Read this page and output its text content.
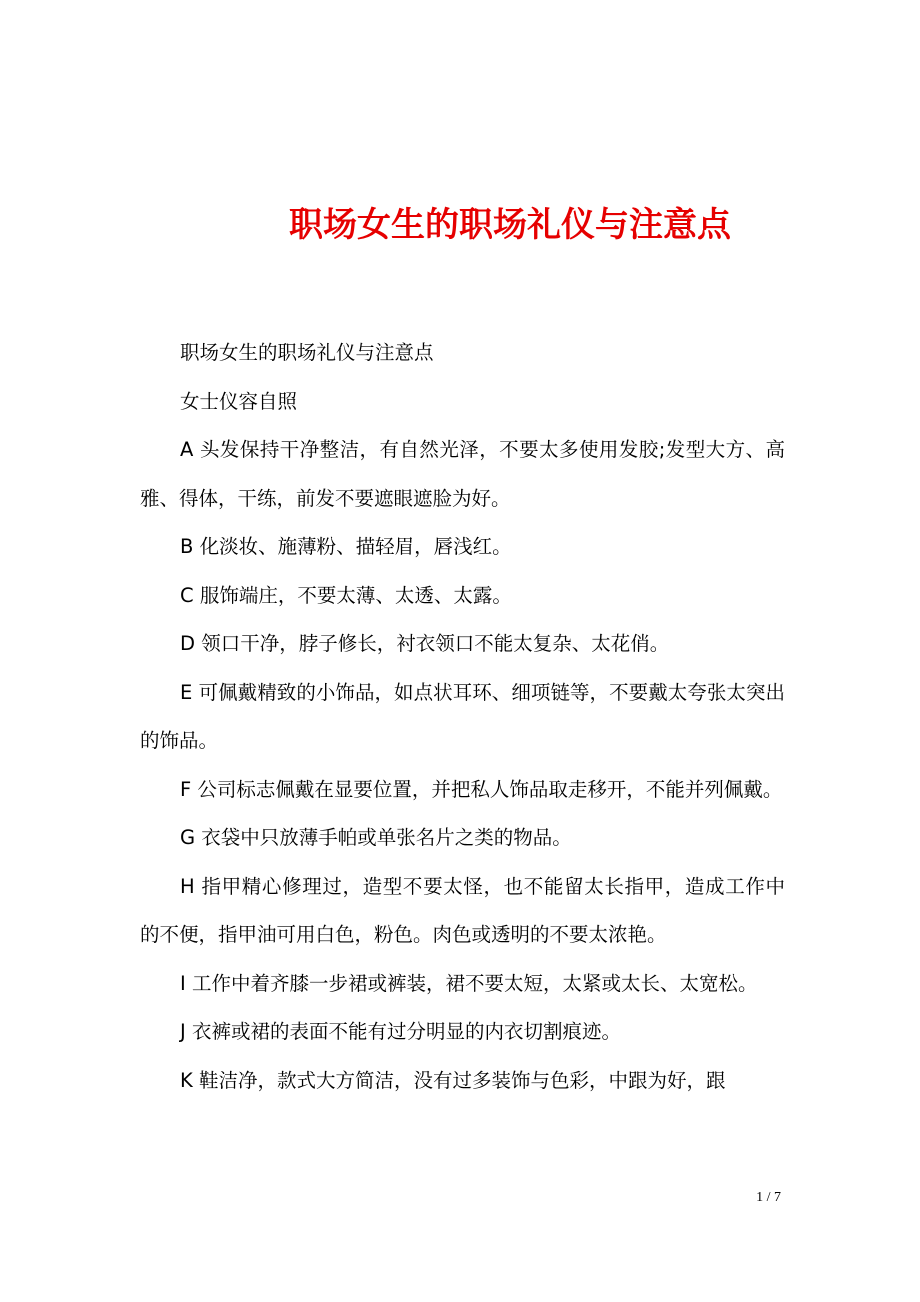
职场女生的职场礼仪与注意点

职场女生的职场礼仪与注意点

女士仪容自照

A 头发保持干净整洁，有自然光泽，不要太多使用发胶;发型大方、高雅、得体，干练，前发不要遮眼遮脸为好。

B 化淡妆、施薄粉、描轻眉，唇浅红。

C 服饰端庄，不要太薄、太透、太露。

D 领口干净，脖子修长，衬衣领口不能太复杂、太花俏。

E 可佩戴精致的小饰品，如点状耳环、细项链等，不要戴太夸张太突出的饰品。

F 公司标志佩戴在显要位置，并把私人饰品取走移开，不能并列佩戴。

G 衣袋中只放薄手帕或单张名片之类的物品。

H 指甲精心修理过，造型不要太怪，也不能留太长指甲，造成工作中的不便，指甲油可用白色，粉色。肉色或透明的不要太浓艳。

I 工作中着齐膝一步裙或裤装，裙不要太短，太紧或太长、太宽松。

J 衣裤或裙的表面不能有过分明显的内衣切割痕迹。

K 鞋洁净，款式大方简洁，没有过多装饰与色彩，中跟为好，跟

1 / 7
